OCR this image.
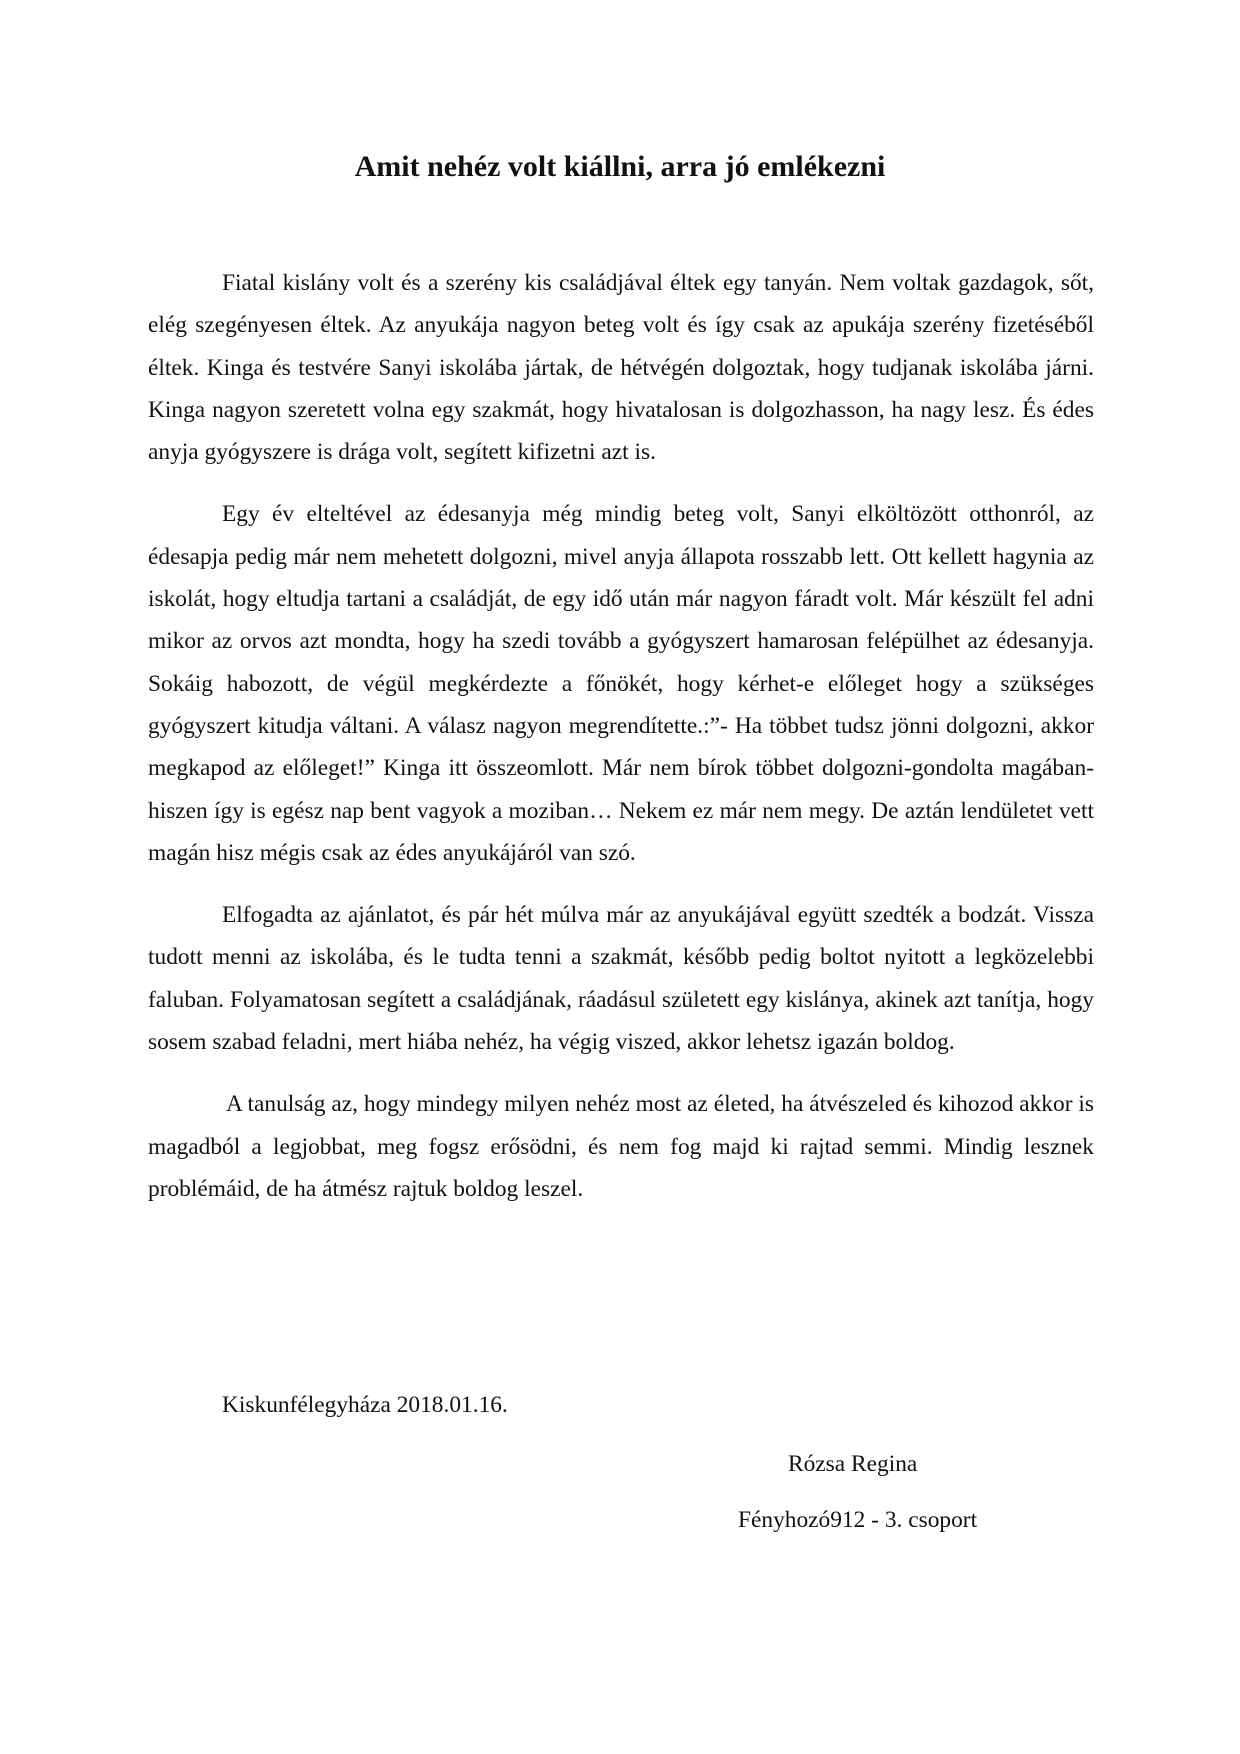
Amit nehéz volt kiállni, arra jó emlékezni

Fiatal kislány volt és a szerény kis családjával éltek egy tanyán. Nem voltak gazdagok, sőt, elég szegényesen éltek. Az anyukája nagyon beteg volt és így csak az apukája szerény fizetéséből éltek. Kinga és testvére Sanyi iskolába jártak, de hétvégén dolgoztak, hogy tudjanak iskolába járni. Kinga nagyon szeretett volna egy szakmát, hogy hivatalosan is dolgozhasson, ha nagy lesz. És édes anyja gyógyszere is drága volt, segített kifizetni azt is.

Egy év elteltével az édesanyja még mindig beteg volt, Sanyi elköltözött otthonról, az édesapja pedig már nem mehetett dolgozni, mivel anyja állapota rosszabb lett. Ott kellett hagynia az iskolát, hogy eltudja tartani a családját, de egy idő után már nagyon fáradt volt. Már készült fel adni mikor az orvos azt mondta, hogy ha szedi tovább a gyógyszert hamarosan felépülhet az édesanyja. Sokáig habozott, de végül megkérdezte a főnökét, hogy kérhet-e előleget hogy a szükséges gyógyszert kitudja váltani. A válasz nagyon megrendítette.:”- Ha többet tudsz jönni dolgozni, akkor megkapod az előleget!” Kinga itt összeomlott. Már nem bírok többet dolgozni-gondolta magában-hiszen így is egész nap bent vagyok a moziban… Nekem ez már nem megy. De aztán lendületet vett magán hisz mégis csak az édes anyukájáról van szó.

Elfogadta az ajánlatot, és pár hét múlva már az anyukájával együtt szedték a bodzát. Vissza tudott menni az iskolába, és le tudta tenni a szakmát, később pedig boltot nyitott a legközelebbi faluban. Folyamatosan segített a családjának, ráadásul született egy kislánya, akinek azt tanítja, hogy sosem szabad feladni, mert hiába nehéz, ha végig viszed, akkor lehetsz igazán boldog.

A tanulság az, hogy mindegy milyen nehéz most az életed, ha átvészeled és kihozod akkor is magadból a legjobbat, meg fogsz erősödni, és nem fog majd ki rajtad semmi. Mindig lesznek problémáid, de ha átmész rajtuk boldog leszel.

Kiskunfélegyháza 2018.01.16.

Rózsa Regina

Fényhozó912 - 3. csoport
